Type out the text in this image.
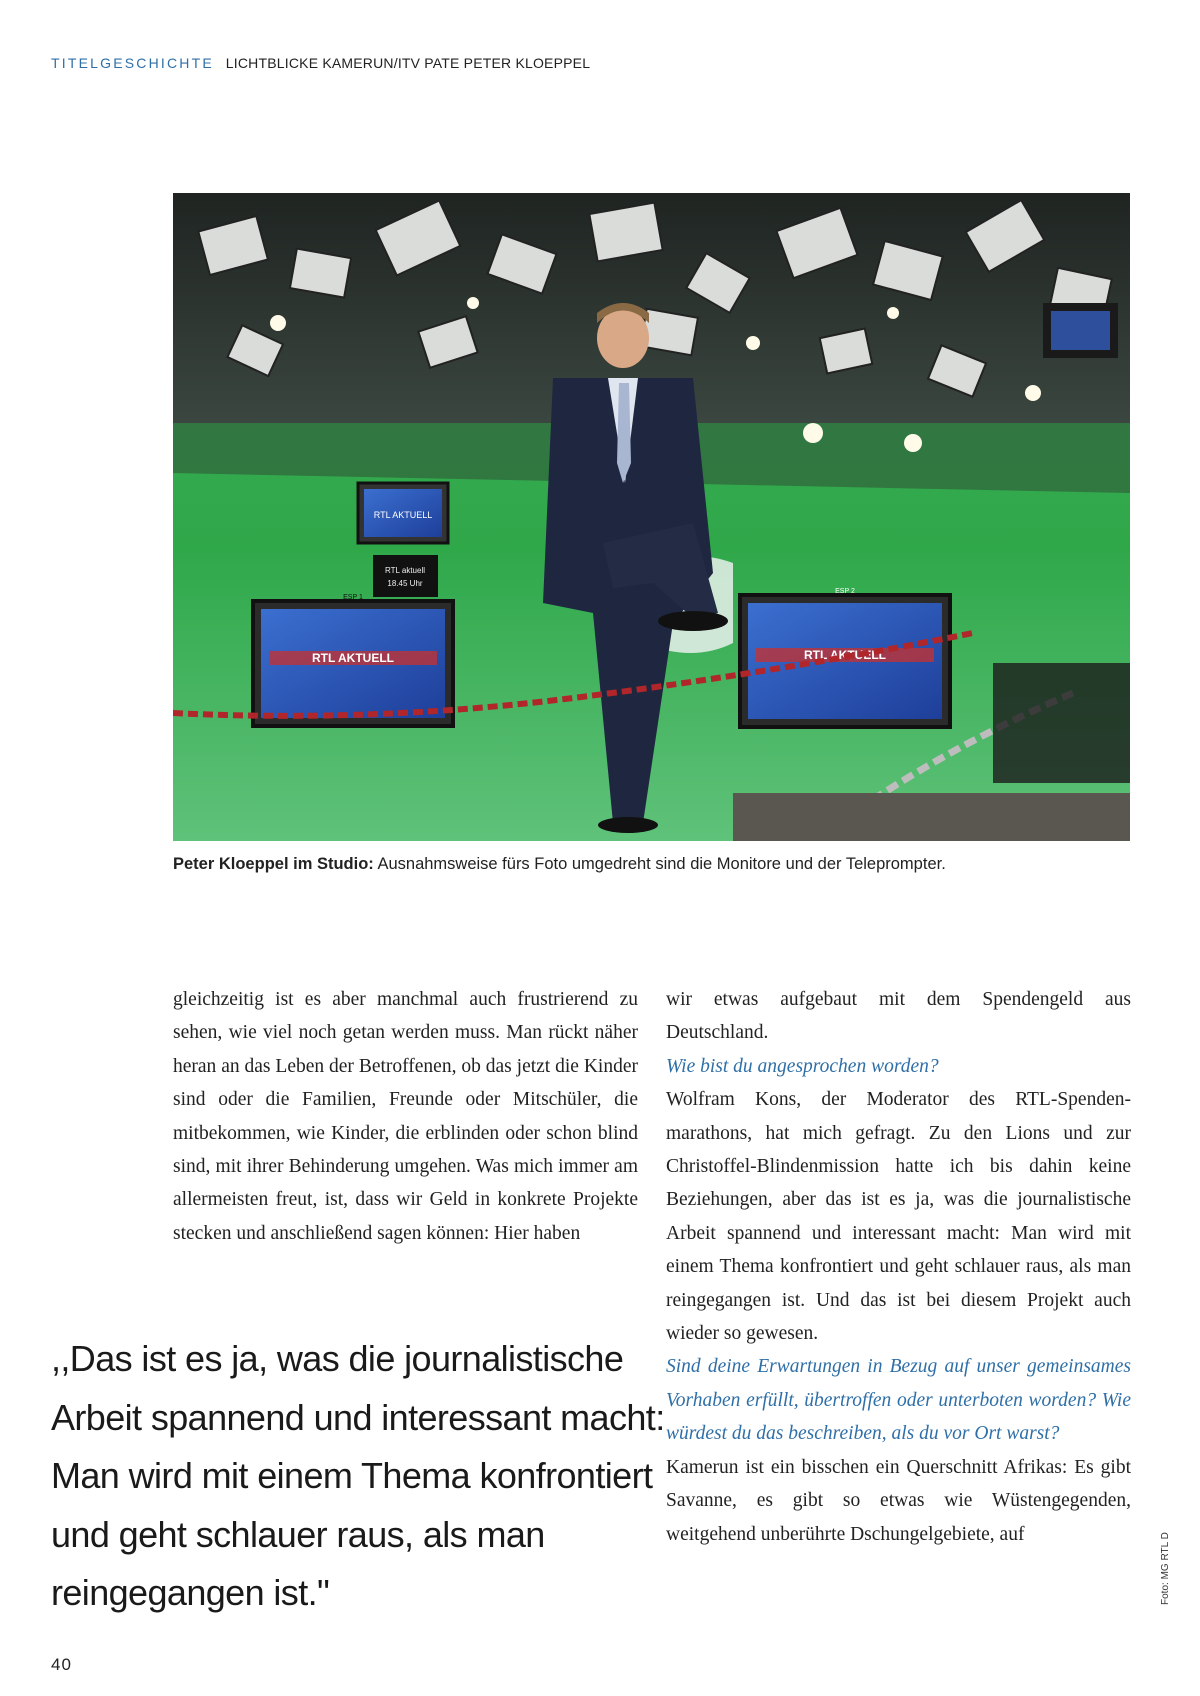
TITELGESCHICHTE LICHTBLICKE KAMERUN/ITV PATE PETER KLOEPPEL
RTL AKTUELL
RTL aktuell
18.45 Uhr
RTL AKTUELL
ESP 1
RTL AKTUELL
ESP 2
Peter Kloeppel im Studio: Ausnahmsweise fürs Foto umgedreht sind die Monitore und der Teleprompter.

gleichzeitig ist es aber manchmal auch frustrierend zu sehen, wie viel noch getan werden muss. Man rückt näher heran an das Leben der Betroffenen, ob das jetzt die Kinder sind oder die Familien, Freunde oder Mitschüler, die mitbekommen, wie Kinder, die erblinden oder schon blind sind, mit ihrer Behinderung umgehen. Was mich immer am allermeisten freut, ist, dass wir Geld in konkrete Projekte stecken und anschließend sagen können: Hier haben

wir etwas aufgebaut mit dem Spendengeld aus Deutschland.

Wie bist du angesprochen worden?

Wolfram Kons, der Moderator des RTL-Spendenmarathons, hat mich gefragt. Zu den Lions und zur Christoffel-Blindenmission hatte ich bis dahin keine Beziehungen, aber das ist es ja, was die journalistische Arbeit spannend und interessant macht: Man wird mit einem Thema konfrontiert und geht schlauer raus, als man reingegangen ist. Und das ist bei diesem Projekt auch wieder so gewesen.

Sind deine Erwartungen in Bezug auf unser gemeinsames Vorhaben erfüllt, übertroffen oder unterboten worden? Wie würdest du das beschreiben, als du vor Ort warst?

Kamerun ist ein bisschen ein Querschnitt Afrikas: Es gibt Savanne, es gibt so etwas wie Wüstengegenden, weitgehend unberührte Dschungelgebiete, auf

,,Das ist es ja, was die journalistische Arbeit spannend und interessant macht: Man wird mit einem Thema konfrontiert und geht schlauer raus, als man reingegangen ist."	Foto: MG RTL D
40
